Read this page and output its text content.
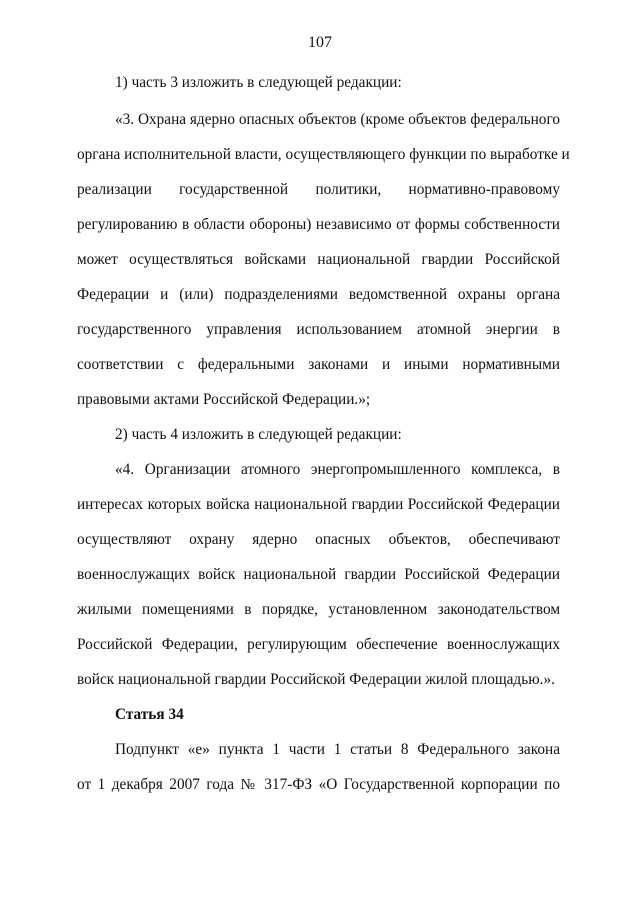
107
1) часть 3 изложить в следующей редакции:
«3. Охрана ядерно опасных объектов (кроме объектов федерального
органа исполнительной власти, осуществляющего функции по выработке и
реализации государственной политики, нормативно-правовому
регулированию в области обороны) независимо от формы собственности
может осуществляться войсками национальной гвардии Российской
Федерации и (или) подразделениями ведомственной охраны органа
государственного управления использованием атомной энергии в
соответствии с федеральными законами и иными нормативными
правовыми актами Российской Федерации.»;
2) часть 4 изложить в следующей редакции:
«4. Организации атомного энергопромышленного комплекса, в
интересах которых войска национальной гвардии Российской Федерации
осуществляют охрану ядерно опасных объектов, обеспечивают
военнослужащих войск национальной гвардии Российской Федерации
жилыми помещениями в порядке, установленном законодательством
Российской Федерации, регулирующим обеспечение военнослужащих
войск национальной гвардии Российской Федерации жилой площадью.».
Статья 34
Подпункт «е» пункта 1 части 1 статьи 8 Федерального закона
от 1 декабря 2007 года № 317-ФЗ «О Государственной корпорации по
